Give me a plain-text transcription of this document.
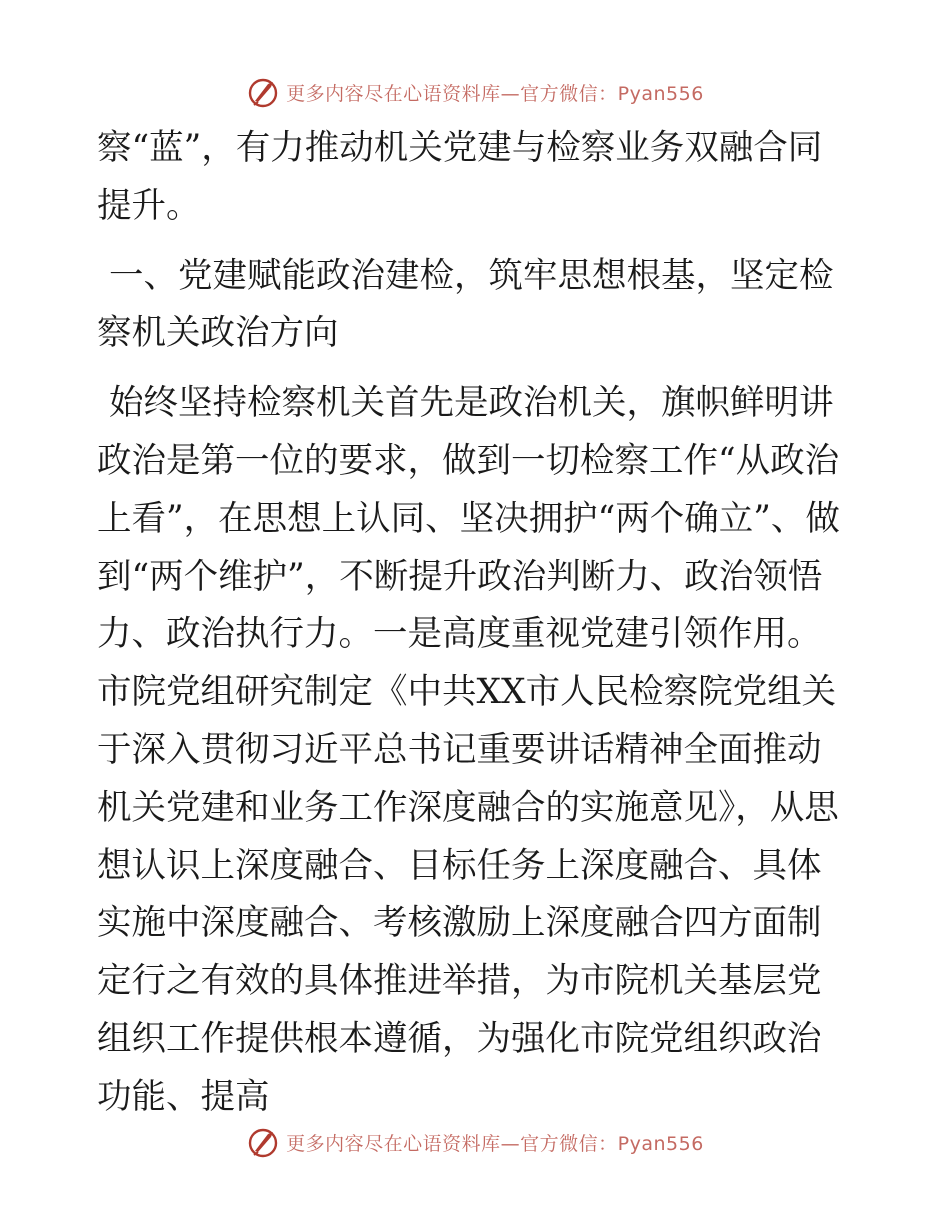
更多内容尽在心语资料库—官方微信：Pyan556

察“蓝”，有力推动机关党建与检察业务双融合同提升。

一、党建赋能政治建检，筑牢思想根基，坚定检察机关政治方向

始终坚持检察机关首先是政治机关，旗帜鲜明讲政治是第一位的要求，做到一切检察工作“从政治上看”，在思想上认同、坚决拥护“两个确立”、做到“两个维护”，不断提升政治判断力、政治领悟力、政治执行力。一是高度重视党建引领作用。市院党组研究制定《中共XX市人民检察院党组关于深入贯彻习近平总书记重要讲话精神全面推动机关党建和业务工作深度融合的实施意见》，从思想认识上深度融合、目标任务上深度融合、具体实施中深度融合、考核激励上深度融合四方面制定行之有效的具体推进举措，为市院机关基层党组织工作提供根本遵循，为强化市院党组织政治功能、提高

更多内容尽在心语资料库—官方微信：Pyan556
